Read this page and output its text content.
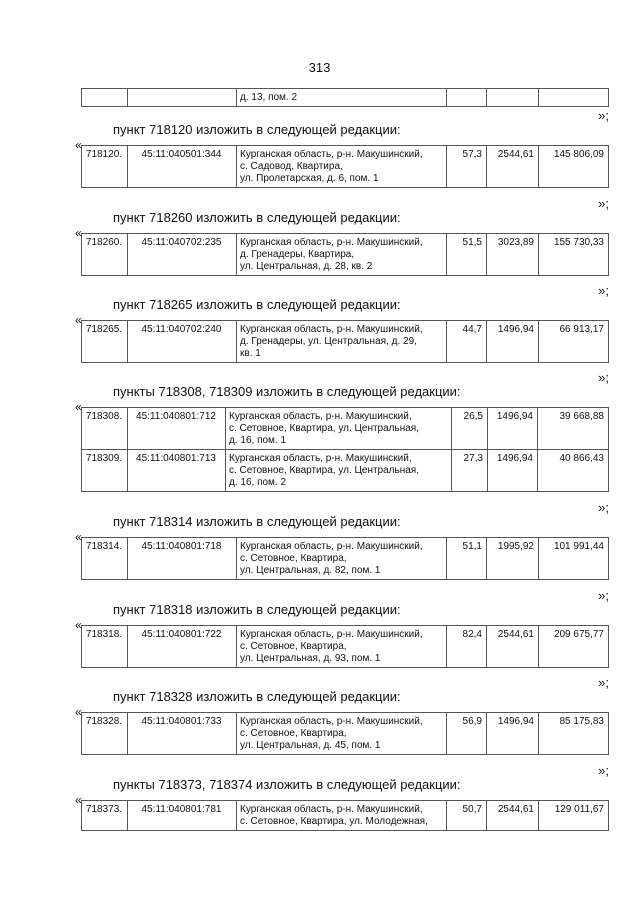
313

д. 13, пом. 2

»;
пункт 718120 изложить в следующей редакции:
«
718120.	45:11:040501:344	Курганская область, р-н. Макушинский,
с. Садовод, Квартира,
ул. Пролетарская, д. 6, пом. 1
	57,3	2544,61	145 806,09
»;
пункт 718260 изложить в следующей редакции:
«
718260.	45:11:040702:235	Курганская область, р-н. Макушинский,
д. Гренадеры, Квартира,
ул. Центральная, д. 28, кв. 2
	51,5	3023,89	155 730,33
»;
пункт 718265 изложить в следующей редакции:
«
718265.	45:11:040702:240	Курганская область, р-н. Макушинский,
д. Гренадеры, ул. Центральная, д. 29,
кв. 1
	44,7	1496,94	66 913,17
»;
пункты 718308, 718309 изложить в следующей редакции:
«
718308.	45:11:040801:712	Курганская область, р-н. Макушинский,
с. Сетовное, Квартира, ул. Центральная,
д. 16, пом. 1	26,5	1496,94	39 668,88
718309.	45:11:040801:713	Курганская область, р-н. Макушинский,
с. Сетовное, Квартира, ул. Центральная,
д. 16, пом. 2	27,3	1496,94	40 866,43
»;
пункт 718314 изложить в следующей редакции:
«
718314.	45:11:040801:718	Курганская область, р-н. Макушинский,
с. Сетовное, Квартира,
ул. Центральная, д. 82, пом. 1
	51,1	1995,92	101 991,44
»;
пункт 718318 изложить в следующей редакции:
«
718318.	45:11:040801:722	Курганская область, р-н. Макушинский,
с. Сетовное, Квартира,
ул. Центральная, д. 93, пом. 1
	82,4	2544,61	209 675,77
»;
пункт 718328 изложить в следующей редакции:
«
718328.	45:11:040801:733	Курганская область, р-н. Макушинский,
с. Сетовное, Квартира,
ул. Центральная, д. 45, пом. 1
	56,9	1496,94	85 175,83
»;
пункты 718373, 718374 изложить в следующей редакции:
«
718373.	45:11:040801:781	Курганская область, р-н. Макушинский,
с. Сетовное, Квартира, ул. Молодежная,
	50,7	2544,61	129 011,67
